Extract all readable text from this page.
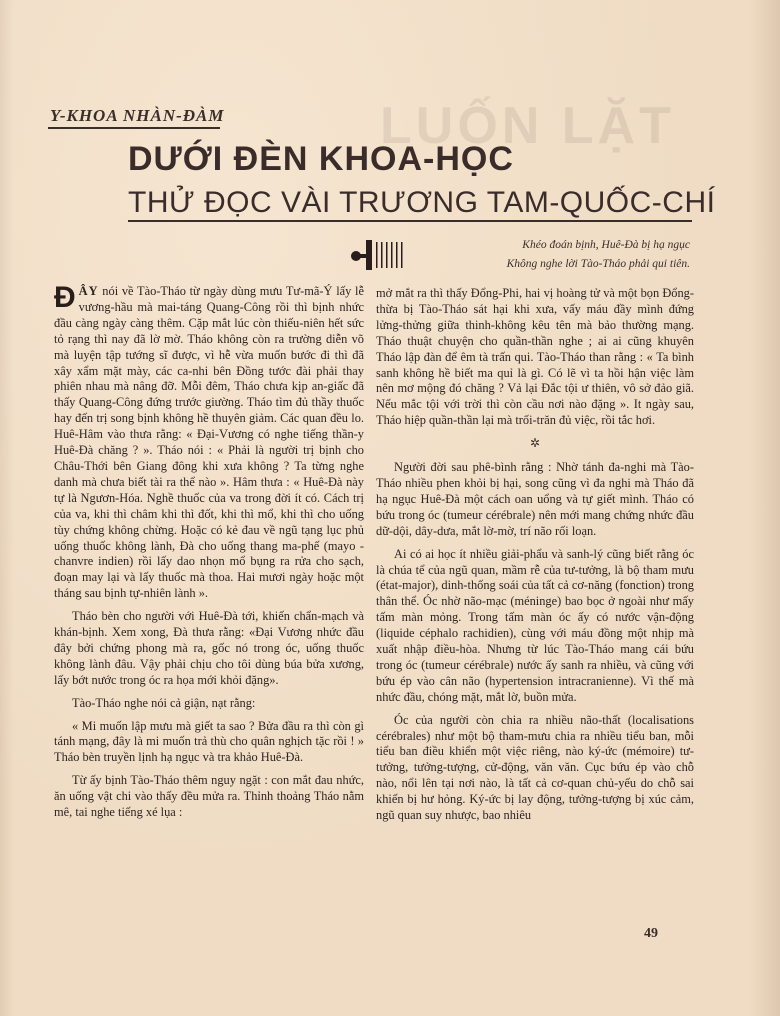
LUỐN LẶT
Y-KHOA NHÀN-ĐÀM
DƯỚI ĐÈN KHOA-HỌC
THỬ ĐỌC VÀI TRƯƠNG TAM-QUỐC-CHÍ
Khéo đoán bịnh, Huê-Đà bị hạ ngục
Không nghe lời Tào-Tháo phải qui tiên.

ĐÂY nói về Tào-Tháo từ ngày dùng mưu Tư-mã-Ý lấy lễ vương-hầu mà mai-táng Quang-Công rồi thì bịnh nhức đầu càng ngày càng thêm. Cặp mắt lúc còn thiếu-niên hết sức tỏ rạng thì nay đã lờ mờ. Tháo không còn ra trường diễn võ mà luyện tập tướng sĩ được, vì hễ vừa muốn bước đi thì đã xây xẩm mặt mày, các ca-nhi bên Đồng tước đài phải thay phiên nhau mà nâng đỡ. Mỗi đêm, Tháo chưa kịp an-giấc đã thấy Quang-Công đứng trước giường. Tháo tìm đủ thầy thuốc hay đến trị song bịnh không hề thuyên giảm. Các quan đều lo. Huê-Hâm vào thưa rằng: « Đại-Vương có nghe tiếng thần-y Huê-Đà chăng ? ». Tháo nói : « Phải là người trị bịnh cho Châu-Thới bên Giang đông khi xưa không ? Ta từng nghe danh mà chưa biết tài ra thể nào ». Hâm thưa : « Huê-Đà này tự là Ngươn-Hóa. Nghề thuốc của va trong đời ít có. Cách trị của va, khi thì châm khi thì đốt, khi thì mổ, khi thì cho uống tùy chứng không chừng. Hoặc có kẻ đau về ngũ tạng lục phủ uống thuốc không lành, Đà cho uống thang ma-phế (mayo - chanvre indien) rồi lấy dao nhọn mổ bụng ra rửa cho sạch, đoạn may lại và lấy thuốc mà thoa. Hai mươi ngày hoặc một tháng sau bịnh tự-nhiên lành ».

Tháo bèn cho người với Huê-Đà tới, khiến chẩn-mạch và khán-bịnh. Xem xong, Đà thưa rằng: «Đại Vương nhức đầu đây bởi chứng phong mà ra, gốc nó trong óc, uống thuốc không lành đâu. Vậy phải chịu cho tôi dùng búa bửa xương, lấy bớt nước trong óc ra họa mới khỏi đặng».

Tào-Tháo nghe nói cả giận, nạt rằng:

« Mi muốn lập mưu mà giết ta sao ? Bửa đầu ra thì còn gì tánh mạng, đây là mi muốn trả thù cho quân nghịch tặc rồi ! » Tháo bèn truyền lịnh hạ ngục và tra khảo Huê-Đà.

Từ ấy bịnh Tào-Tháo thêm nguy ngặt : con mắt đau nhức, ăn uống vật chi vào thấy đều mửa ra. Thỉnh thoảng Tháo nằm mê, tai nghe tiếng xé lụa :

mở mắt ra thì thấy Đổng-Phi, hai vị hoàng tử và một bọn Đổng-thừa bị Tào-Tháo sát hại khi xưa, vấy máu đầy mình đứng lửng-thửng giữa thinh-không kêu tên mà bảo thường mạng. Tháo thuật chuyện cho quần-thần nghe ; ai ai cũng khuyên Tháo lập đàn để êm tà trấn qui. Tào-Tháo than rằng : « Ta bình sanh không hề biết ma quỉ là gì. Có lẽ vì ta hồi hận việc làm nên mơ mộng đó chăng ? Vả lại Đắc tội ư thiên, vô sở đảo giã. Nếu mắc tội với trời thì còn cầu nơi nào đặng ». It ngày sau, Tháo hiệp quần-thần lại mà trối-trăn đủ việc, rồi tắc hơi.

✲

Người đời sau phê-bình rằng : Nhờ tánh đa-nghi mà Tào-Tháo nhiều phen khỏi bị hại, song cũng vì đa nghi mà Tháo đã hạ ngục Huê-Đà một cách oan uổng và tự giết mình. Tháo có bứu trong óc (tumeur cérébrale) nên mới mang chứng nhức đầu dữ-dội, dây-dưa, mắt lờ-mờ, trí não rối loạn.

Ai có ai học ít nhiều giải-phẩu và sanh-lý cũng biết rằng óc là chúa tể của ngũ quan, mầm rễ của tư-tưởng, là bộ tham mưu (état-major), dinh-thống soái của tất cả cơ-năng (fonction) trong thân thể. Óc nhờ não-mạc (méninge) bao bọc ở ngoài như mấy tấm màn mỏng. Trong tấm màn óc ấy có nước vận-động (liquide céphalo rachidien), cùng với máu đồng một nhịp mà xuất nhập điều-hòa. Nhưng từ lúc Tào-Tháo mang cái bứu trong óc (tumeur cérébrale) nước ấy sanh ra nhiều, và cũng với bứu ép vào cân não (hypertension intracranienne). Vì thế mà nhức đầu, chóng mặt, mắt lờ, buồn mửa.

Óc của người còn chia ra nhiều não-thất (localisations cérébrales) như một bộ tham-mưu chia ra nhiều tiểu ban, mỗi tiểu ban điều khiển một việc riêng, nào ký-ức (mémoire) tư-tưởng, tưởng-tượng, cử-động, văn văn. Cục bứu ép vào chỗ nào, nổi lên tại nơi nào, là tất cả cơ-quan chủ-yếu do chỗ sai khiến bị hư hỏng. Ký-ức bị lay động, tưởng-tượng bị xúc cảm, ngũ quan suy nhược, bao nhiêu

49
